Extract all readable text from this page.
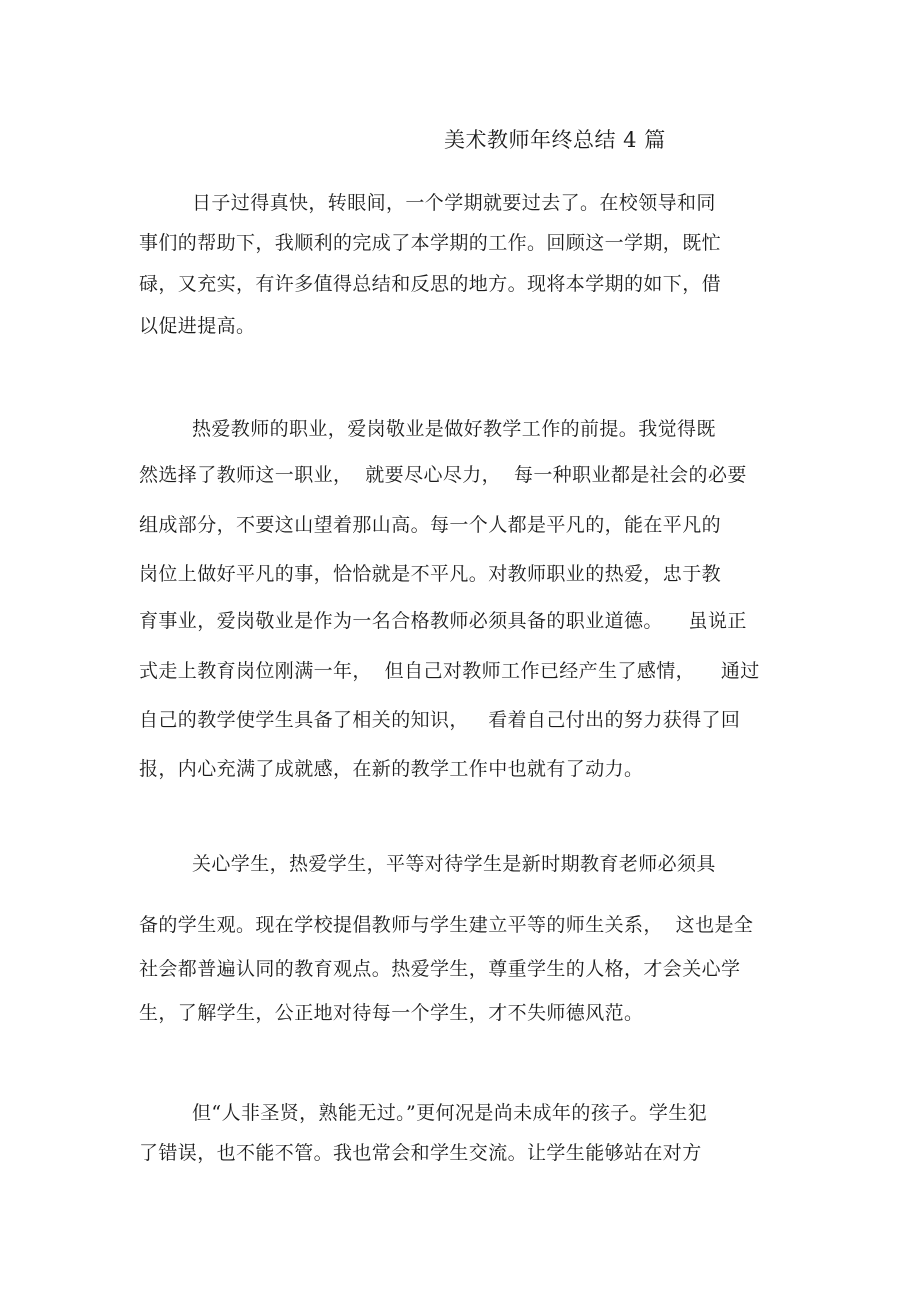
美术教师年终总结 4 篇
日子过得真快，转眼间，一个学期就要过去了。在校领导和同
事们的帮助下，我顺利的完成了本学期的工作。回顾这一学期，既忙
碌，又充实，有许多值得总结和反思的地方。现将本学期的如下，借
以促进提高。
热爱教师的职业，爱岗敬业是做好教学工作的前提。我觉得既
然选择了教师这一职业，  就要尽心尽力，  每一种职业都是社会的必要
组成部分，不要这山望着那山高。每一个人都是平凡的，能在平凡的
岗位上做好平凡的事，恰恰就是不平凡。对教师职业的热爱，忠于教
育事业，爱岗敬业是作为一名合格教师必须具备的职业道德。    虽说正
式走上教育岗位刚满一年，  但自己对教师工作已经产生了感情，    通过
自己的教学使学生具备了相关的知识，   看着自己付出的努力获得了回
报，内心充满了成就感，在新的教学工作中也就有了动力。
关心学生，热爱学生，平等对待学生是新时期教育老师必须具
备的学生观。现在学校提倡教师与学生建立平等的师生关系，  这也是全
社会都普遍认同的教育观点。热爱学生，尊重学生的人格，才会关心学
生，了解学生，公正地对待每一个学生，才不失师德风范。
但“人非圣贤，熟能无过。”更何况是尚未成年的孩子。学生犯
了错误，也不能不管。我也常会和学生交流。让学生能够站在对方
